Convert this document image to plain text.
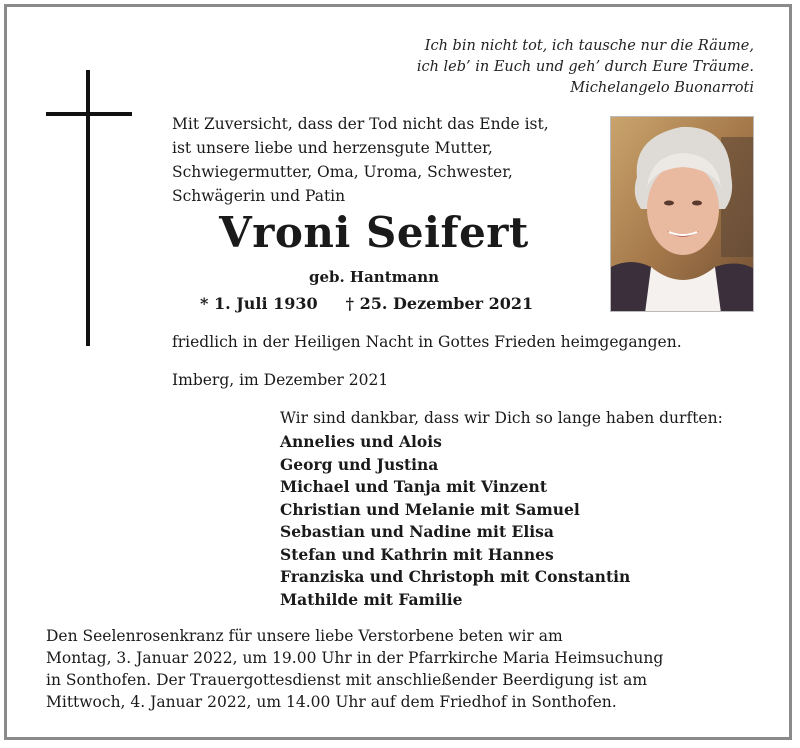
Ich bin nicht tot, ich tausche nur die Räume,
ich leb’ in Euch und geh’ durch Eure Träume.
Michelangelo Buonarroti
Mit Zuversicht, dass der Tod nicht das Ende ist,
ist unsere liebe und herzensgute Mutter,
Schwiegermutter, Oma, Uroma, Schwester,
Schwägerin und Patin
Vroni Seifert
geb. Hantmann
* 1. Juli 1930 † 25. Dezember 2021
friedlich in der Heiligen Nacht in Gottes Frieden heimgegangen.
Imberg, im Dezember 2021
Wir sind dankbar, dass wir Dich so lange haben durften:
Annelies und Alois
Georg und Justina
Michael und Tanja mit Vinzent
Christian und Melanie mit Samuel
Sebastian und Nadine mit Elisa
Stefan und Kathrin mit Hannes
Franziska und Christoph mit Constantin
Mathilde mit Familie
Den Seelenrosenkranz für unsere liebe Verstorbene beten wir am
Montag, 3. Januar 2022, um 19.00 Uhr in der Pfarrkirche Maria Heimsuchung
in Sonthofen. Der Trauergottesdienst mit anschließender Beerdigung ist am
Mittwoch, 4. Januar 2022, um 14.00 Uhr auf dem Friedhof in Sonthofen.
